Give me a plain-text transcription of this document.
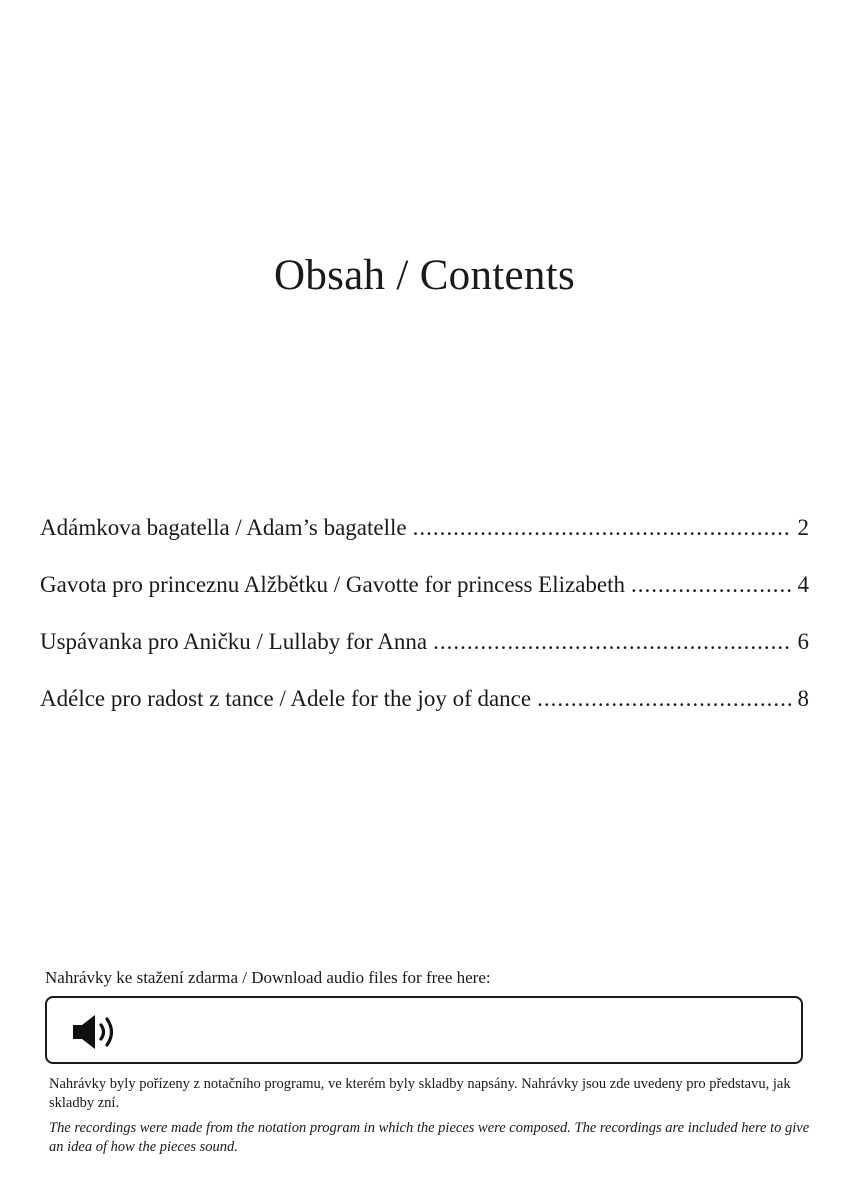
Obsah / Contents
Adámkova bagatella / Adam’s bagatelle .....	2
Gavota pro princeznu Alžbětku / Gavotte for princess Elizabeth .....	4
Uspávanka pro Aničku / Lullaby for Anna .....	6
Adélce pro radost z tance / Adele for the joy of dance .....	8

Nahrávky ke stažení zdarma / Download audio files for free here:

Nahrávky byly pořízeny z notačního programu, ve kterém byly skladby napsány. Nahrávky jsou zde uvedeny pro představu, jak skladby zní.

The recordings were made from the notation program in which the pieces were composed. The recordings are included here to give an idea of how the pieces sound.
